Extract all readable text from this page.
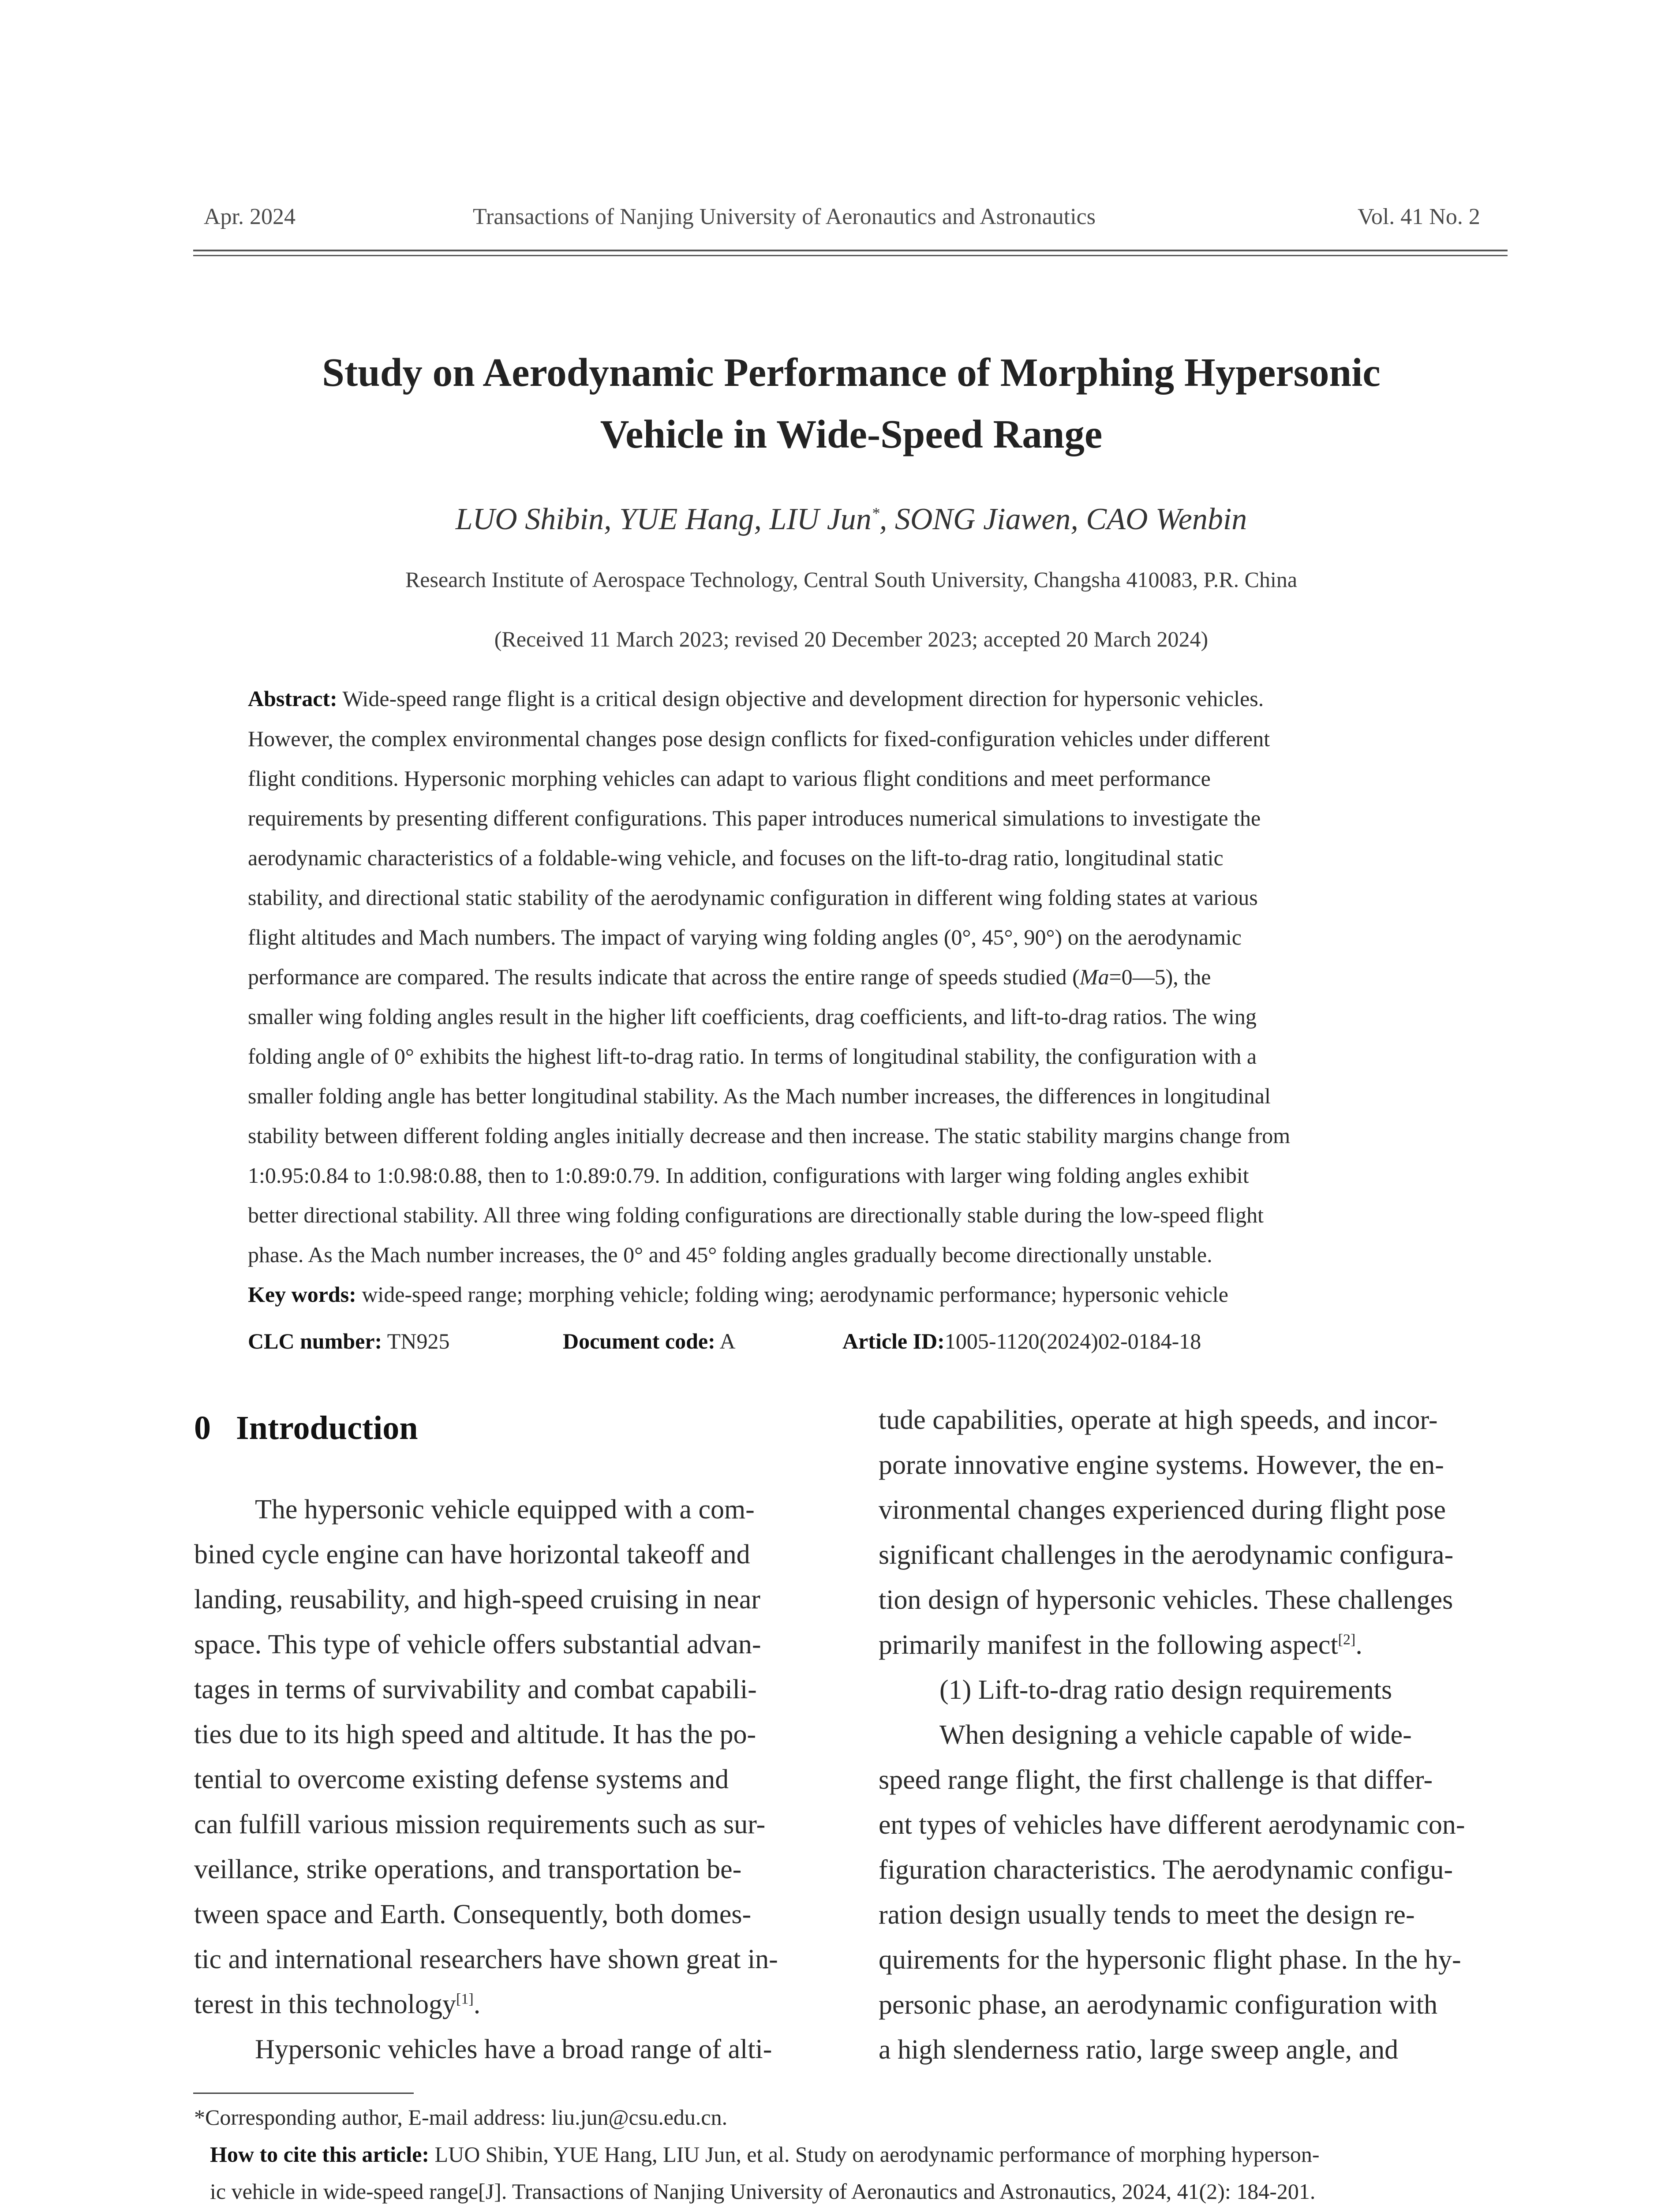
Apr. 2024	Transactions of Nanjing University of Aeronautics and Astronautics	Vol. 41 No. 2
Study on Aerodynamic Performance of Morphing Hypersonic
Vehicle in Wide-Speed Range
LUO Shibin, YUE Hang, LIU Jun*, SONG Jiawen, CAO Wenbin
Research Institute of Aerospace Technology, Central South University, Changsha 410083, P.R. China
(Received 11 March 2023; revised 20 December 2023; accepted 20 March 2024)
Abstract: Wide-speed range flight is a critical design objective and development direction for hypersonic vehicles.
However, the complex environmental changes pose design conflicts for fixed-configuration vehicles under different
flight conditions. Hypersonic morphing vehicles can adapt to various flight conditions and meet performance
requirements by presenting different configurations. This paper introduces numerical simulations to investigate the
aerodynamic characteristics of a foldable-wing vehicle, and focuses on the lift-to-drag ratio, longitudinal static
stability, and directional static stability of the aerodynamic configuration in different wing folding states at various
flight altitudes and Mach numbers. The impact of varying wing folding angles (0°, 45°, 90°) on the aerodynamic
performance are compared. The results indicate that across the entire range of speeds studied (Ma=0—5), the
smaller wing folding angles result in the higher lift coefficients, drag coefficients, and lift-to-drag ratios. The wing
folding angle of 0° exhibits the highest lift-to-drag ratio. In terms of longitudinal stability, the configuration with a
smaller folding angle has better longitudinal stability. As the Mach number increases, the differences in longitudinal
stability between different folding angles initially decrease and then increase. The static stability margins change from
1:0.95:0.84 to 1:0.98:0.88, then to 1:0.89:0.79. In addition, configurations with larger wing folding angles exhibit
better directional stability. All three wing folding configurations are directionally stable during the low-speed flight
phase. As the Mach number increases, the 0° and 45° folding angles gradually become directionally unstable.
Key words: wide-speed range; morphing vehicle; folding wing; aerodynamic performance; hypersonic vehicle
CLC number: TN925	Document code: A	Article ID:1005-1120(2024)02-0184-18
0 Introduction
The hypersonic vehicle equipped with a com-
bined cycle engine can have horizontal takeoff and
landing, reusability, and high-speed cruising in near
space. This type of vehicle offers substantial advan-
tages in terms of survivability and combat capabili-
ties due to its high speed and altitude. It has the po-
tential to overcome existing defense systems and
can fulfill various mission requirements such as sur-
veillance, strike operations, and transportation be-
tween space and Earth. Consequently, both domes-
tic and international researchers have shown great in-
terest in this technology[1].
Hypersonic vehicles have a broad range of alti-
tude capabilities, operate at high speeds, and incor-
porate innovative engine systems. However, the en-
vironmental changes experienced during flight pose
significant challenges in the aerodynamic configura-
tion design of hypersonic vehicles. These challenges
primarily manifest in the following aspect[2].
(1) Lift-to-drag ratio design requirements
When designing a vehicle capable of wide-
speed range flight, the first challenge is that differ-
ent types of vehicles have different aerodynamic con-
figuration characteristics. The aerodynamic configu-
ration design usually tends to meet the design re-
quirements for the hypersonic flight phase. In the hy-
personic phase, an aerodynamic configuration with
a high slenderness ratio, large sweep angle, and
*Corresponding author, E-mail address: liu.jun@csu.edu.cn.
How to cite this article: LUO Shibin, YUE Hang, LIU Jun, et al. Study on aerodynamic performance of morphing hyperson-
ic vehicle in wide-speed range[J]. Transactions of Nanjing University of Aeronautics and Astronautics, 2024, 41(2): 184-201.
